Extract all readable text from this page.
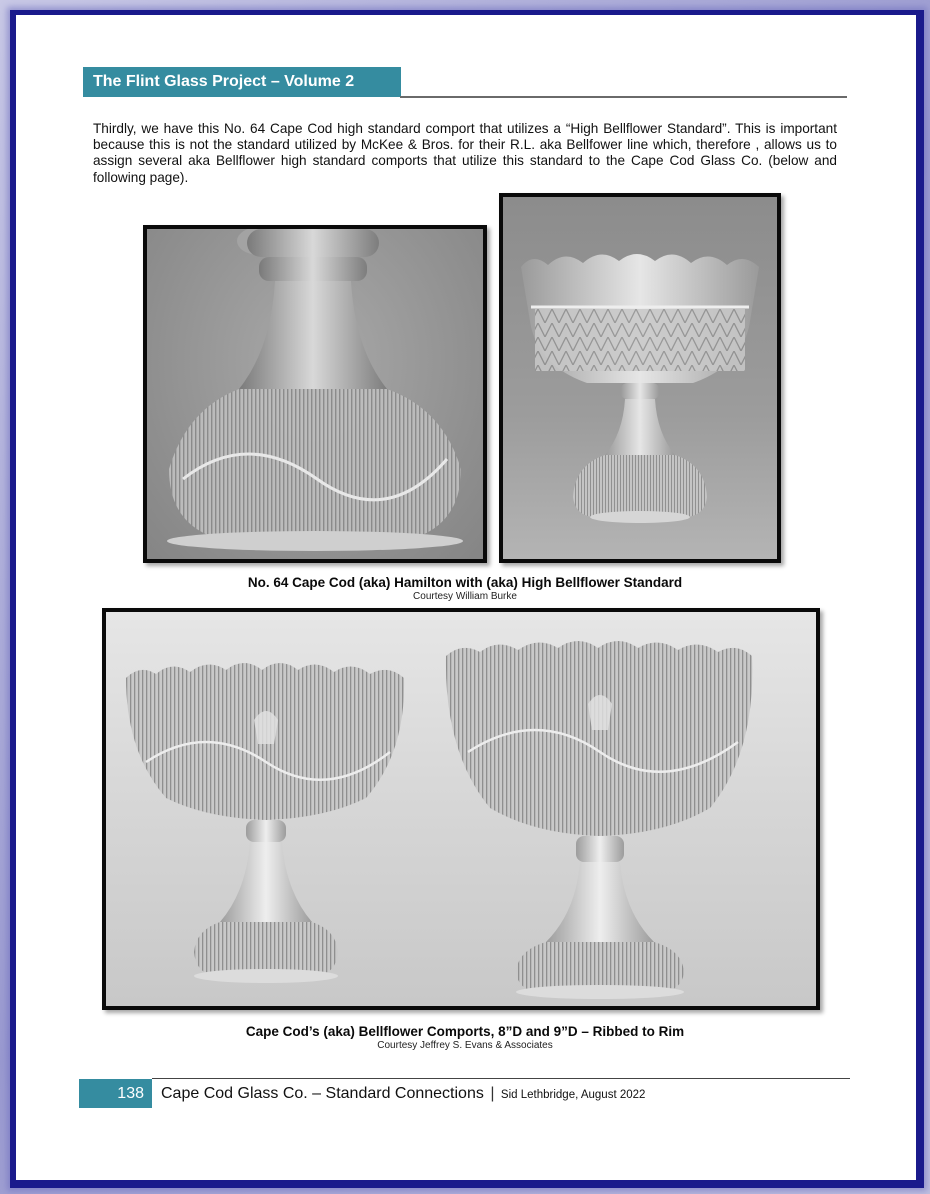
The Flint Glass Project – Volume 2

Thirdly, we have this No. 64 Cape Cod high standard comport that utilizes a “High Bellflower Standard”. This is important because this is not the standard utilized by McKee & Bros. for their R.L. aka Bellfower line which, therefore , allows us to assign several aka Bellflower high standard comports that utilize this standard to the Cape Cod Glass Co. (below and following page).

No. 64 Cape Cod (aka) Hamilton with (aka) High Bellflower Standard
Courtesy William Burke
Cape Cod’s (aka) Bellflower Comports, 8”D and 9”D – Ribbed to Rim
Courtesy Jeffrey S. Evans & Associates
138	Cape Cod Glass Co. – Standard Connections | Sid Lethbridge, August 2022
